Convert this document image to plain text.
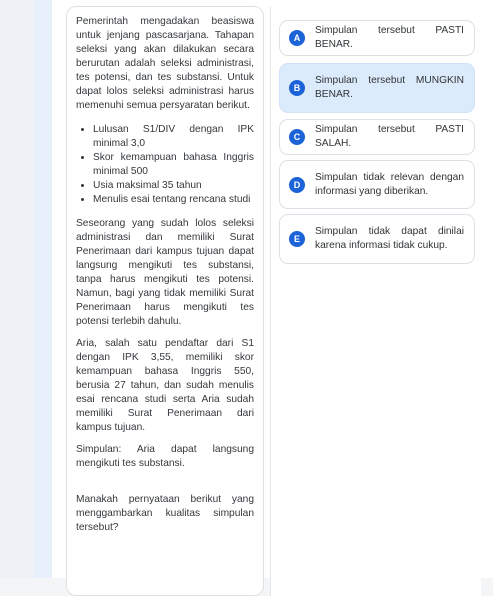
Pemerintah mengadakan beasiswa untuk jenjang pascasarjana. Tahapan seleksi yang akan dilakukan secara berurutan adalah seleksi administrasi, tes potensi, dan tes substansi. Untuk dapat lolos seleksi administrasi harus memenuhi semua persyaratan berikut.

• Lulusan S1/DIV dengan IPK minimal 3,0
• Skor kemampuan bahasa Inggris minimal 500
• Usia maksimal 35 tahun
• Menulis esai tentang rencana studi

Seseorang yang sudah lolos seleksi administrasi dan memiliki Surat Penerimaan dari kampus tujuan dapat langsung mengikuti tes substansi, tanpa harus mengikuti tes potensi. Namun, bagi yang tidak memiliki Surat Penerimaan harus mengikuti tes potensi terlebih dahulu.

Aria, salah satu pendaftar dari S1 dengan IPK 3,55, memiliki skor kemampuan bahasa Inggris 550, berusia 27 tahun, dan sudah menulis esai rencana studi serta Aria sudah memiliki Surat Penerimaan dari kampus tujuan.

Simpulan: Aria dapat langsung mengikuti tes substansi.

Manakah pernyataan berikut yang menggambarkan kualitas simpulan tersebut?

A
Simpulan tersebut PASTI BENAR.
B
Simpulan tersebut MUNGKIN BENAR.
C
Simpulan tersebut PASTI SALAH.
D
Simpulan tidak relevan dengan informasi yang diberikan.
E
Simpulan tidak dapat dinilai karena informasi tidak cukup.
